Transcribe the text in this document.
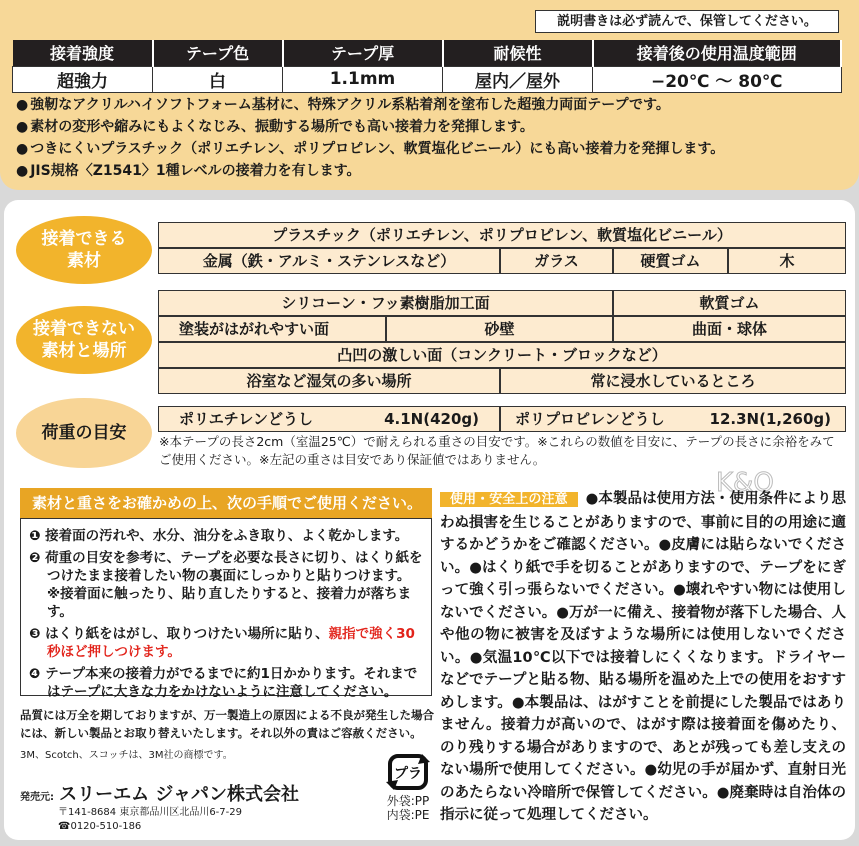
説明書きは必ず読んで、保管してください。
接着強度	テープ色	テープ厚	耐候性	接着後の使用温度範囲
超強力	白	1.1mm	屋内／屋外	−20℃ ～ 80℃
● 強靭なアクリルハイソフトフォーム基材に、特殊アクリル系粘着剤を塗布した超強力両面テープです。
● 素材の変形や縮みにもよくなじみ、振動する場所でも高い接着力を発揮します。
● つきにくいプラスチック（ポリエチレン、ポリプロピレン、軟質塩化ビニール）にも高い接着力を発揮します。
● JIS規格〈Z1541〉1種レベルの接着力を有します。
K&O
接着できる
素材
プラスチック（ポリエチレン、ポリプロピレン、軟質塩化ビニール）
金属（鉄・アルミ・ステンレスなど）	ガラス	硬質ゴム	木
接着できない
素材と場所
シリコーン・フッ素樹脂加工面	軟質ゴム
塗装がはがれやすい面	砂壁	曲面・球体
凸凹の激しい面（コンクリート・ブロックなど）
浴室など湿気の多い場所	常に浸水しているところ
荷重の目安
ポリエチレンどうし	4.1N(420g) ポリプロピレンどうし	12.3N(1,260g)
※本テープの長さ2cm（室温25℃）で耐えられる重さの目安です。※これらの数値を目安に、テープの長さに余裕をみてご使用ください。※左記の重さは目安であり保証値ではありません。
素材と重さをお確かめの上、次の手順でご使用ください。

❶ 接着面の汚れや、水分、油分をふき取り、よく乾かします。

❷ 荷重の目安を参考に、テープを必要な長さに切り、はくり紙をつけたまま接着したい物の裏面にしっかりと貼りつけます。
※接着面に触ったり、貼り直したりすると、接着力が落ちます。

❸ はくり紙をはがし、取りつけたい場所に貼り、親指で強く30秒ほど押しつけます。

❹ テープ本来の接着力がでるまでに約1日かかります。それまではテープに大きな力をかけないように注意してください。

品質には万全を期しておりますが、万一製造上の原因による不良が発生した場合には、新しい製品とお取り替えいたします。それ以外の責はご容赦ください。
3M、Scotch、スコッチは、3M社の商標です。
発売元: スリーエム ジャパン株式会社
〒141-8684 東京都品川区北品川6-7-29
☎0120-510-186
プラ
外袋:PP
内袋:PE
使用・安全上の注意 ●本製品は使用方法・使用条件により思わぬ損害を生じることがありますので、事前に目的の用途に適するかどうかをご確認ください。●皮膚には貼らないでください。●はくり紙で手を切ることがありますので、テープをにぎって強く引っ張らないでください。●壊れやすい物には使用しないでください。●万が一に備え、接着物が落下した場合、人や他の物に被害を及ぼすような場所には使用しないでください。●気温10℃以下では接着しにくくなります。ドライヤーなどでテープと貼る物、貼る場所を温めた上での使用をおすすめします。●本製品は、はがすことを前提にした製品ではありません。接着力が高いので、はがす際は接着面を傷めたり、のり残りする場合がありますので、あとが残っても差し支えのない場所で使用してください。●幼児の手が届かず、直射日光のあたらない冷暗所で保管してください。●廃棄時は自治体の指示に従って処理してください。
